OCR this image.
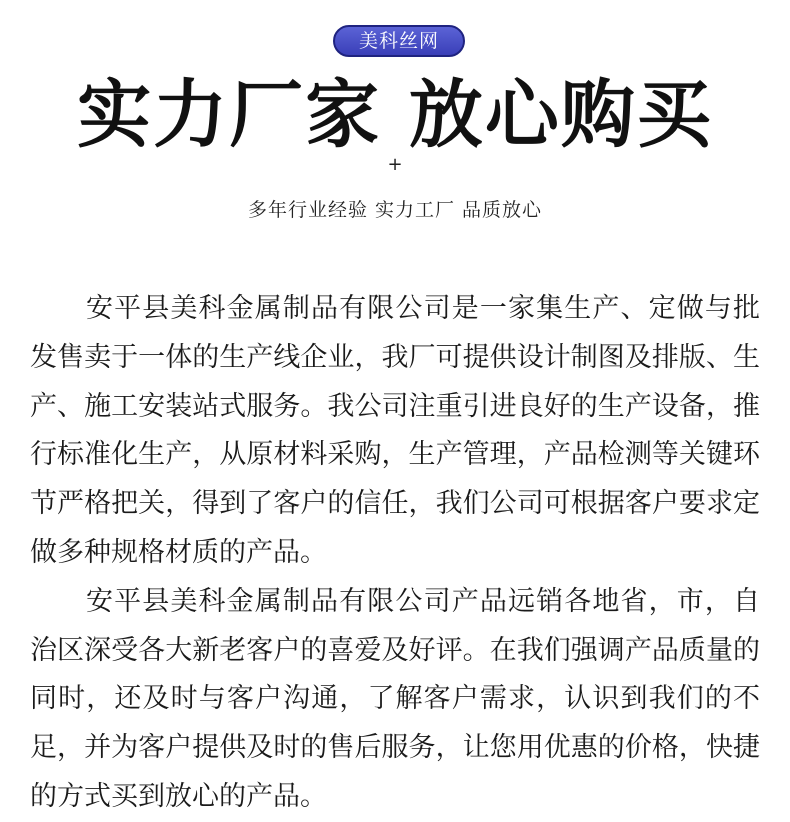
美科丝网
实力厂家 放心购买
+
多年行业经验 实力工厂 品质放心

安平县美科金属制品有限公司是一家集生产、定做与批发售卖于一体的生产线企业，我厂可提供设计制图及排版、生产、施工安装站式服务。我公司注重引进良好的生产设备，推行标准化生产，从原材料采购，生产管理，产品检测等关键环节严格把关，得到了客户的信任，我们公司可根据客户要求定做多种规格材质的产品。

安平县美科金属制品有限公司产品远销各地省，市，自治区深受各大新老客户的喜爱及好评。在我们强调产品质量的同时，还及时与客户沟通，了解客户需求，认识到我们的不足，并为客户提供及时的售后服务，让您用优惠的价格，快捷的方式买到放心的产品。
